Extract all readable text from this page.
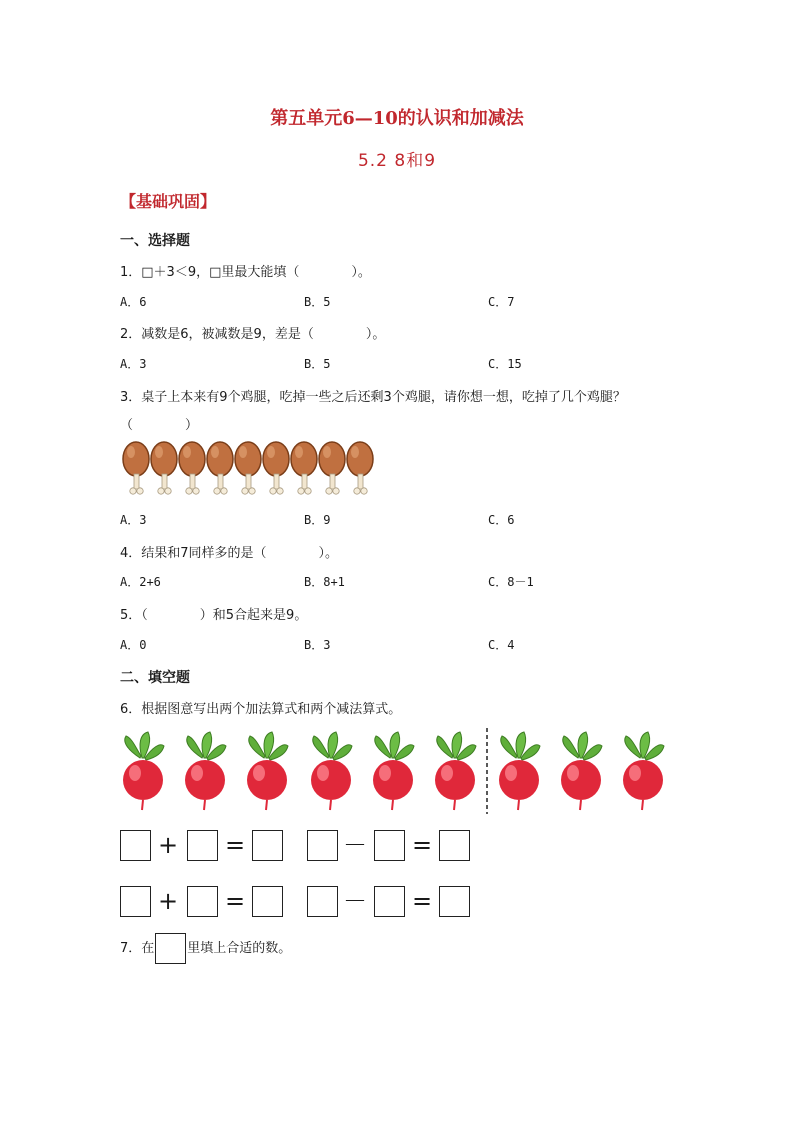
第五单元6—10的认识和加减法
5.2 8和9
【基础巩固】
一、选择题
1．□＋3＜9，□里最大能填（　　　　）。
A．6	B．5	C．7
2．减数是6，被减数是9，差是（　　　　）。
A．3	B．5	C．15
3．桌子上本来有9个鸡腿，吃掉一些之后还剩3个鸡腿，请你想一想，吃掉了几个鸡腿？
（　　　　）
A．3	B．9	C．6
4．结果和7同样多的是（　　　　）。
A．2+6	B．8+1	C．8－1
5．（　　　　）和5合起来是9。
A．0	B．3	C．4
二、填空题
6．根据图意写出两个加法算式和两个减法算式。
+ =	－ =
+ =	－ =
7．在	里填上合适的数。
